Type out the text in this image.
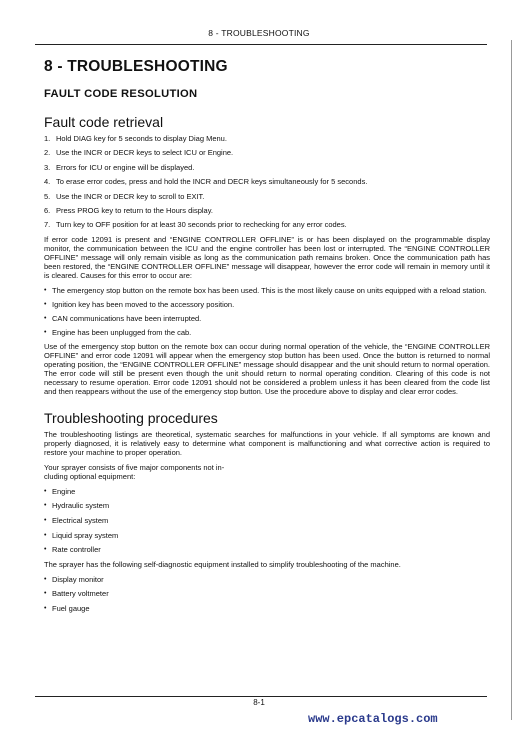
8 - TROUBLESHOOTING
8 - TROUBLESHOOTING
FAULT CODE RESOLUTION
Fault code retrieval
1. Hold DIAG key for 5 seconds to display Diag Menu.
2. Use the INCR or DECR keys to select ICU or Engine.
3. Errors for ICU or engine will be displayed.
4. To erase error codes, press and hold the INCR and DECR keys simultaneously for 5 seconds.
5. Use the INCR or DECR key to scroll to EXIT.
6. Press PROG key to return to the Hours display.
7. Turn key to OFF position for at least 30 seconds prior to rechecking for any error codes.

If error code 12091 is present and “ENGINE CONTROLLER OFFLINE” is or has been displayed on the programmable display monitor, the communication between the ICU and the engine controller has been lost or interrupted. The “ENGINE CONTROLLER OFFLINE” message will only remain visible as long as the communication path remains broken. Once the communication path has been restored, the “ENGINE CONTROLLER OFFLINE” message will disappear, however the error code will remain in memory until it is cleared. Causes for this error to occur are:

• The emergency stop button on the remote box has been used. This is the most likely cause on units equipped with a reload station.
• Ignition key has been moved to the accessory position.
• CAN communications have been interrupted.
• Engine has been unplugged from the cab.

Use of the emergency stop button on the remote box can occur during normal operation of the vehicle, the “ENGINE CONTROLLER OFFLINE” and error code 12091 will appear when the emergency stop button has been used. Once the button is returned to normal operating position, the “ENGINE CONTROLLER OFFLINE” message should disappear and the unit should return to normal operation. The error code will still be present even though the unit should return to normal operating condition. Clearing of this code is not necessary to resume operation. Error code 12091 should not be considered a problem unless it has been cleared from the code list and then reappears without the use of the emergency stop button. Use the procedure above to display and clear error codes.

Troubleshooting procedures

The troubleshooting listings are theoretical, systematic searches for malfunctions in your vehicle. If all symptoms are known and properly diagnosed, it is relatively easy to determine what component is malfunctioning and what corrective action is required to restore your machine to proper operation.

Your sprayer consists of five major components not in-
cluding optional equipment:

• Engine
• Hydraulic system
• Electrical system
• Liquid spray system
• Rate controller

The sprayer has the following self-diagnostic equipment installed to simplify troubleshooting of the machine.

• Display monitor
• Battery voltmeter
• Fuel gauge
8-1
www.epcatalogs.com
